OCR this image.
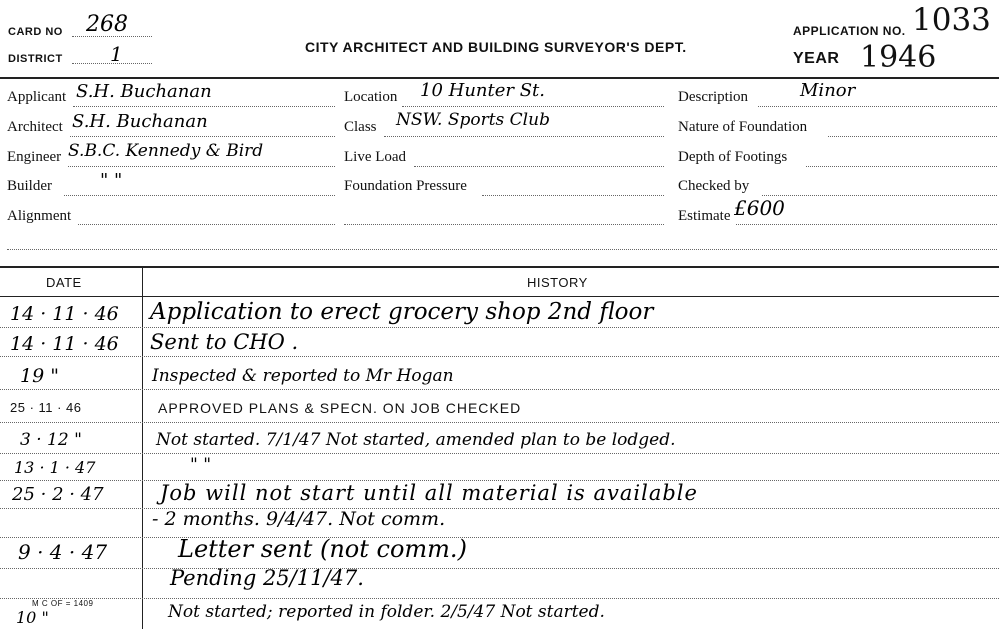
CARD NO 268
DISTRICT 1	CITY ARCHITECT AND BUILDING SURVEYOR'S DEPT.
APPLICATION NO. 1033
YEAR 1946
Applicant S.H. Buchanan
Architect S.H. Buchanan
Engineer S.B.C. Kennedy & Bird
Builder	" "
Alignment
Location 10 Hunter St.
Class NSW. Sports Club
Live Load
Foundation Pressure
Description	Minor
Nature of Foundation
Depth of Footings
Checked by
Estimate £600
DATE	HISTORY
14 · 11 · 46 Application to erect grocery shop 2nd floor
14 · 11 · 46 Sent to CHO .
19 "	Inspected & reported to Mr Hogan
25 · 11 · 46	APPROVED PLANS & SPECN. ON JOB CHECKED
3 · 12 "	Not started. 7/1/47 Not started, amended plan to be lodged.
13 · 1 · 47	" "
25 · 2 · 47	Job will not start until all material is available
- 2 months. 9/4/47. Not comm.
9 · 4 · 47	Letter sent (not comm.)
Pending 25/11/47.
M C OF = 1409
10 "	Not started; reported in folder. 2/5/47 Not started.
